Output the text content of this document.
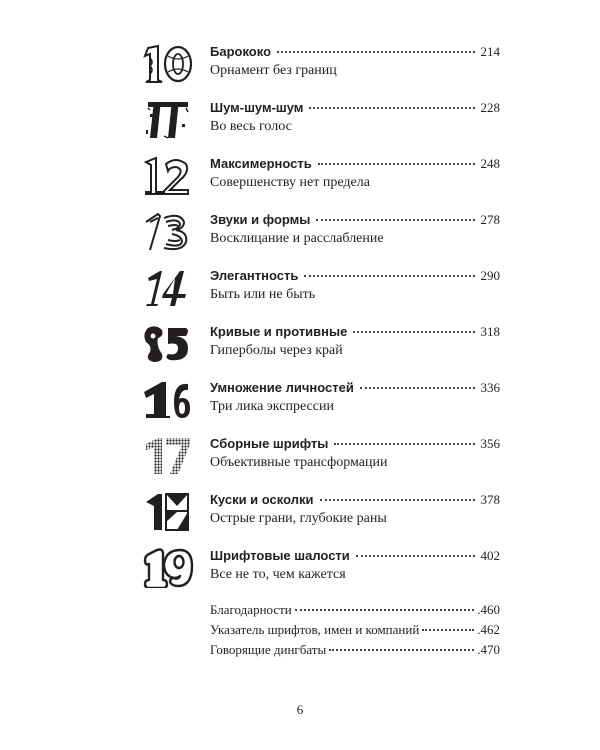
Барококо	214
Орнамент без границ
Шум-шум-шум	228
Во весь голос
Максимерность	248
Совершенству нет предела
Звуки и формы	278
Восклицание и расслабление
Элегантность	290
Быть или не быть
Кривые и противные	318
Гиперболы через край
Умножение личностей	336
Три лика экспрессии
Сборные шрифты	356
Объективные трансформации
Куски и осколки	378
Острые грани, глубокие раны
Шрифтовые шалости	402
Все не то, чем кажется
Благодарности	.460
Указатель шрифтов, имен и компаний	.462
Говорящие дингбаты	.470
6
